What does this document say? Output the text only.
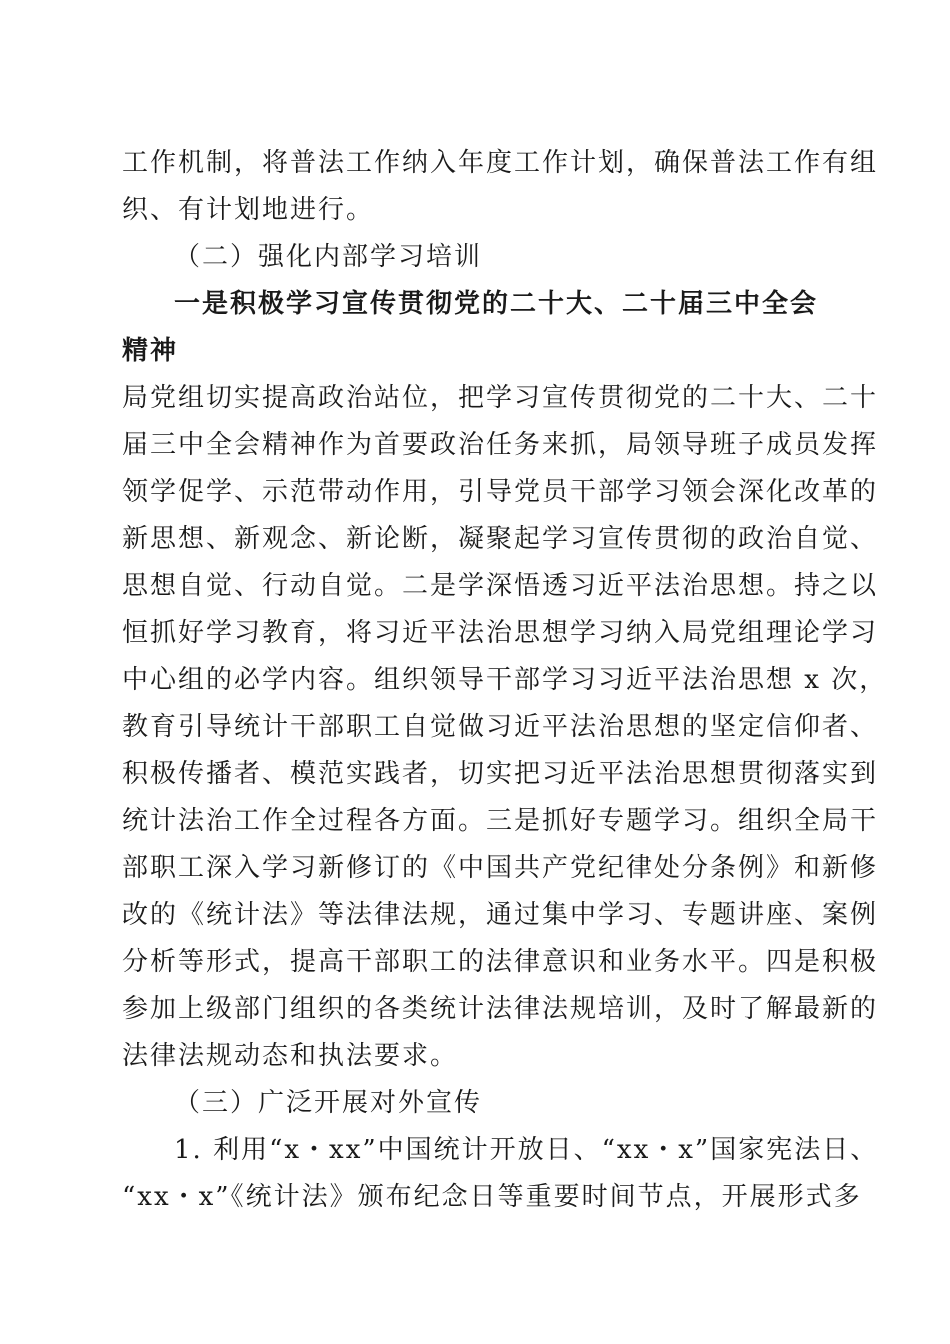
工作机制，将普法工作纳入年度工作计划，确保普法工作有组
织、有计划地进行。

（二）强化内部学习培训

一是积极学习宣传贯彻党的二十大、二十届三中全会精神

局党组切实提高政治站位，把学习宣传贯彻党的二十大、二十
届三中全会精神作为首要政治任务来抓，局领导班子成员发挥
领学促学、示范带动作用，引导党员干部学习领会深化改革的
新思想、新观念、新论断，凝聚起学习宣传贯彻的政治自觉、
思想自觉、行动自觉。二是学深悟透习近平法治思想。持之以
恒抓好学习教育，将习近平法治思想学习纳入局党组理论学习
中心组的必学内容。组织领导干部学习习近平法治思想 x 次，
教育引导统计干部职工自觉做习近平法治思想的坚定信仰者、
积极传播者、模范实践者，切实把习近平法治思想贯彻落实到
统计法治工作全过程各方面。三是抓好专题学习。组织全局干
部职工深入学习新修订的《中国共产党纪律处分条例》和新修
改的《统计法》等法律法规，通过集中学习、专题讲座、案例
分析等形式，提高干部职工的法律意识和业务水平。四是积极
参加上级部门组织的各类统计法律法规培训，及时了解最新的
法律法规动态和执法要求。

（三）广泛开展对外宣传

1. 利用“x・xx”中国统计开放日、“xx・x”国家宪法日、
“xx・x”《统计法》颁布纪念日等重要时间节点，开展形式多
